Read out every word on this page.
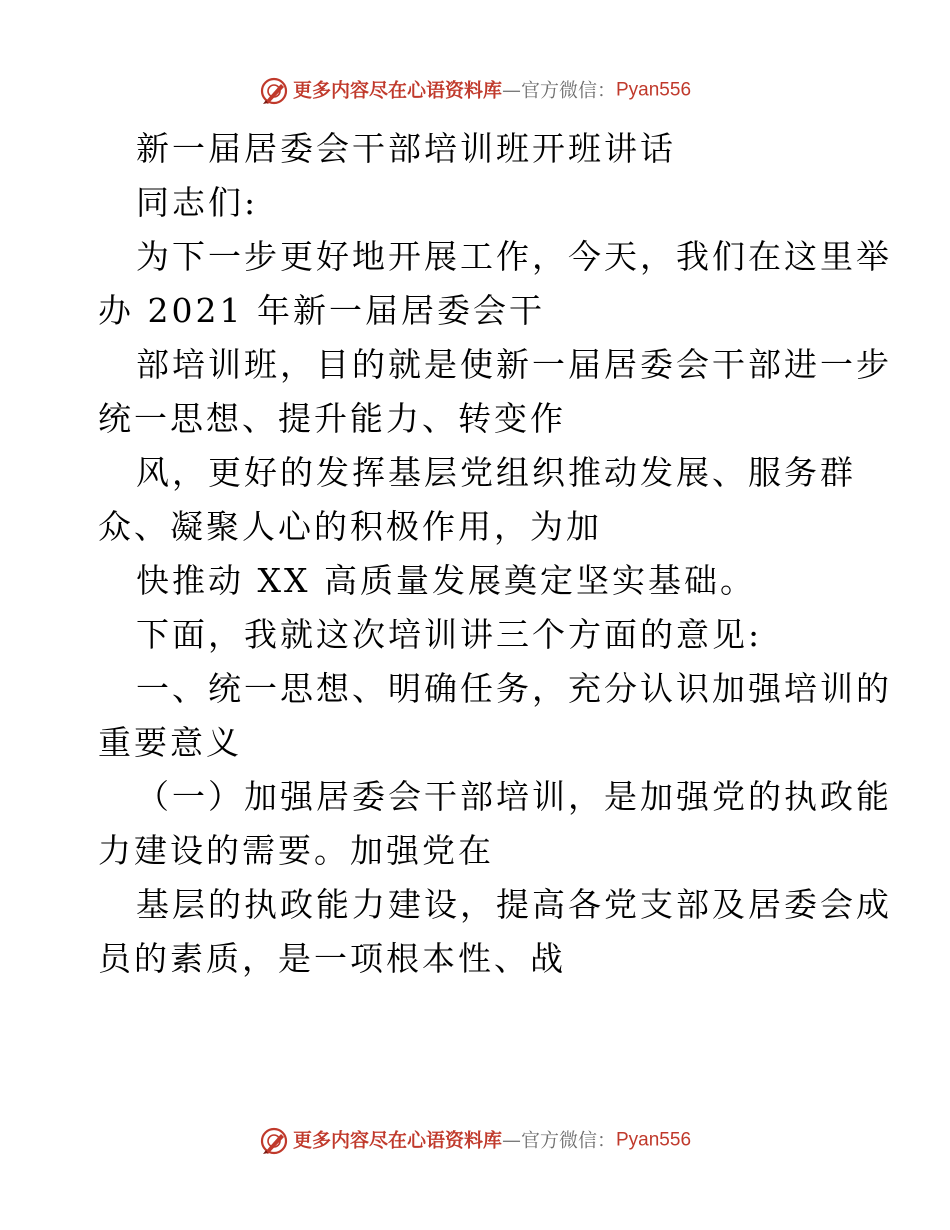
更多内容尽在心语资料库—官方微信：Pyan556
新一届居委会干部培训班开班讲话
同志们:
为下一步更好地开展工作，今天，我们在这里举
办 2021 年新一届居委会干
部培训班，目的就是使新一届居委会干部进一步
统一思想、提升能力、转变作
风，更好的发挥基层党组织推动发展、服务群
众、凝聚人心的积极作用，为加
快推动 XX 高质量发展奠定坚实基础。
下面，我就这次培训讲三个方面的意见:
一、统一思想、明确任务，充分认识加强培训的
重要意义
（一）加强居委会干部培训，是加强党的执政能
力建设的需要。加强党在
基层的执政能力建设，提高各党支部及居委会成
员的素质，是一项根本性、战
更多内容尽在心语资料库—官方微信：Pyan556
